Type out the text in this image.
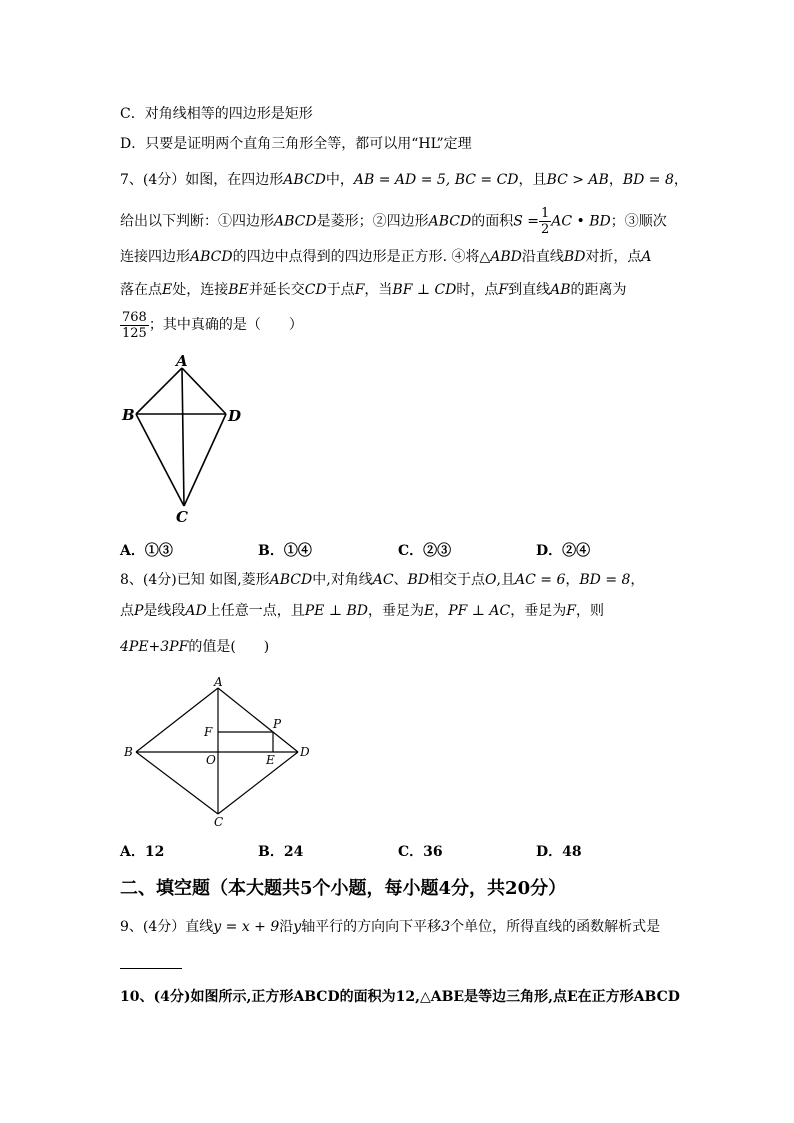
C．对角线相等的四边形是矩形
D．只要是证明两个直角三角形全等，都可以用“HL”定理
7、(4分）如图，在四边形ABCD中，AB = AD = 5, BC = CD，且BC > AB，BD = 8，
给出以下判断：①四边形ABCD是菱形；②四边形ABCD的面积$S = \frac{1}{2}$ AC • BD；③顺次
连接四边形ABCD的四边中点得到的四边形是正方形. ④将△ABD沿直线BD对折，点A
落在点E处，连接BE并延长交CD于点F，当BF ⊥ CD时，点F到直线AB的距离为
$\frac{768}{125}$ ；其中真确的是（　　）
A
B	D
C
A．①③	B．①④	C．②③	D．②④
8、(4分)已知 如图,菱形ABCD中,对角线AC、BD相交于点O,且AC = 6，BD = 8，
点P是线段AD上任意一点，且PE ⊥ BD，垂足为E，PF ⊥ AC，垂足为F，则
4PE+3PF的值是(　　)
A
B	D
C
O	E
F
P
A．12	B．24	C．36	D．48
二、填空题（本大题共5个小题，每小题4分，共20分）
9、(4分）直线y = x + 9沿y轴平行的方向向下平移3个单位，所得直线的函数解析式是
10、(4分)如图所示,正方形ABCD的面积为12,△ABE是等边三角形,点E在正方形ABCD
